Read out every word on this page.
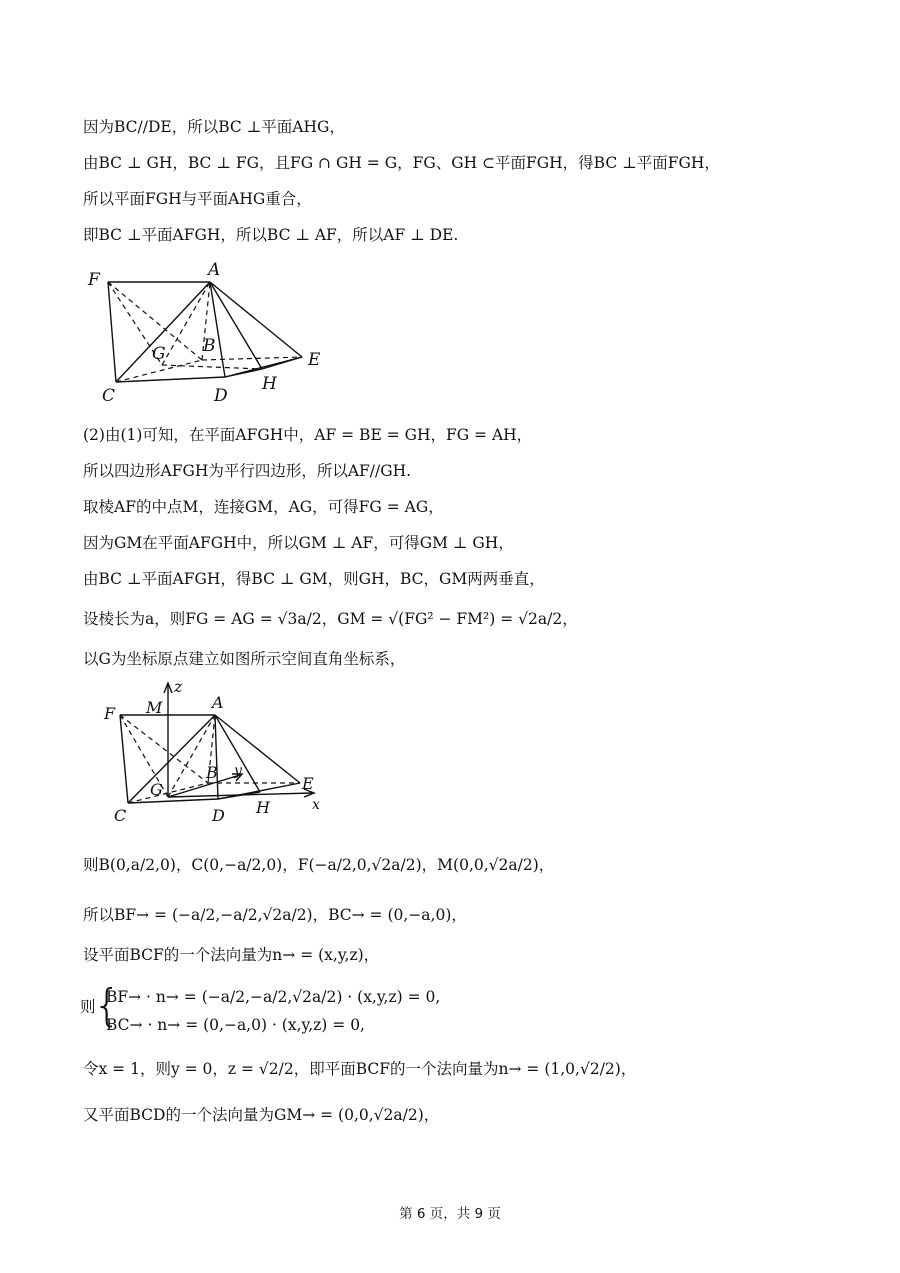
因为BC//DE，所以BC ⊥平面AHG，
由BC ⊥ GH，BC ⊥ FG，且FG ∩ GH = G，FG、GH ⊂平面FGH，得BC ⊥平面FGH，
所以平面FGH与平面AHG重合，
即BC ⊥平面AFGH，所以BC ⊥ AF，所以AF ⊥ DE.
F	A
G B
E
C	D
H
(2)由(1)可知，在平面AFGH中，AF = BE = GH，FG = AH，
所以四边形AFGH为平行四边形，所以AF//GH.
取棱AF的中点M，连接GM，AG，可得FG = AG，
因为GM在平面AFGH中，所以GM ⊥ AF，可得GM ⊥ GH，
由BC ⊥平面AFGH，得BC ⊥ GM，则GH，BC，GM两两垂直，
设棱长为a，则FG = AG = √3a/2，GM = √(FG² − FM²) = √2a/2，
以G为坐标原点建立如图所示空间直角坐标系，
F M
z
A
y
B
G	E
x
C	D H
则B(0,a/2,0)，C(0,−a/2,0)，F(−a/2,0,√2a/2)，M(0,0,√2a/2)，
所以BF→ = (−a/2,−a/2,√2a/2)，BC→ = (0,−a,0)，
设平面BCF的一个法向量为n→ = (x,y,z)，
则
{
BF→ · n→ = (−a/2,−a/2,√2a/2) · (x,y,z) = 0,
BC→ · n→ = (0,−a,0) · (x,y,z) = 0,
令x = 1，则y = 0，z = √2/2，即平面BCF的一个法向量为n→ = (1,0,√2/2)，
又平面BCD的一个法向量为GM→ = (0,0,√2a/2)，
第 6 页，共 9 页
